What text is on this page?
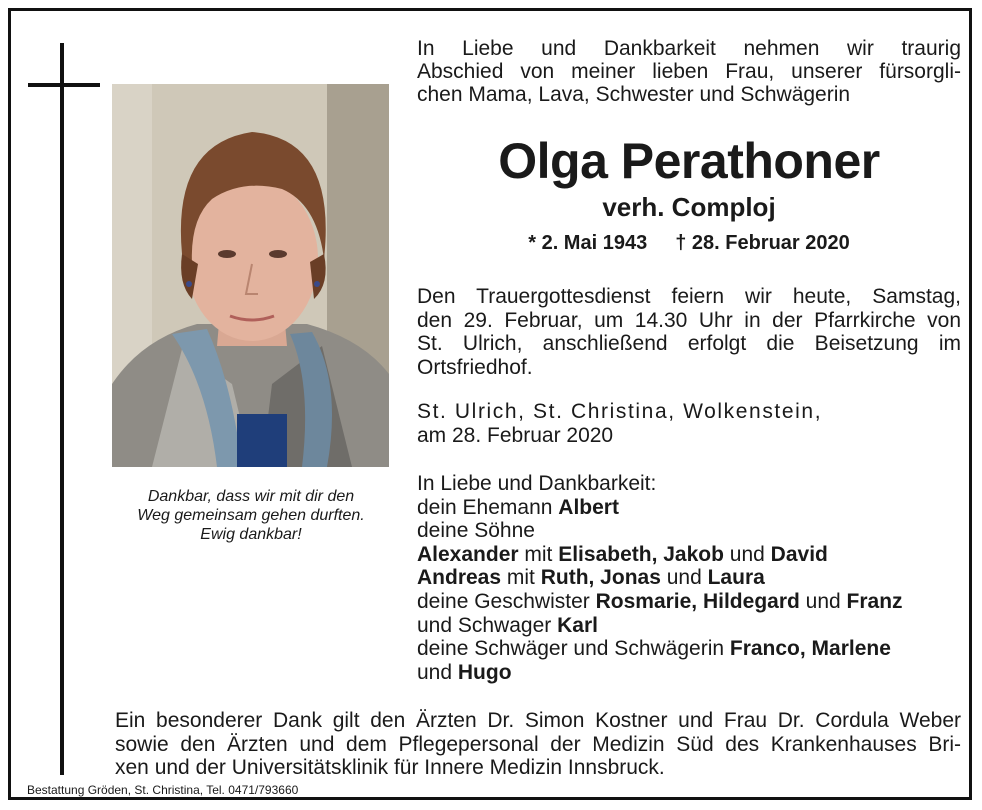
Dankbar, dass wir mit dir den
Weg gemeinsam gehen durften.
Ewig dankbar!
In Liebe und Dankbarkeit nehmen wir traurig
Abschied von meiner lieben Frau, unserer fürsorgli-
chen Mama, Lava, Schwester und Schwägerin
Olga Perathoner
verh. Comploj
* 2. Mai 1943 † 28. Februar 2020
Den Trauergottesdienst feiern wir heute, Samstag,
den 29. Februar, um 14.30 Uhr in der Pfarrkirche von
St. Ulrich, anschließend erfolgt die Beisetzung im
Ortsfriedhof.
St. Ulrich, St. Christina, Wolkenstein,
am 28. Februar 2020
In Liebe und Dankbarkeit:
dein Ehemann Albert
deine Söhne
Alexander mit Elisabeth, Jakob und David
Andreas mit Ruth, Jonas und Laura
deine Geschwister Rosmarie, Hildegard und Franz
und Schwager Karl
deine Schwäger und Schwägerin Franco, Marlene
und Hugo
Ein besonderer Dank gilt den Ärzten Dr. Simon Kostner und Frau Dr. Cordula Weber
sowie den Ärzten und dem Pflegepersonal der Medizin Süd des Krankenhauses Bri-
xen und der Universitätsklinik für Innere Medizin Innsbruck.
Bestattung Gröden, St. Christina, Tel. 0471/793660
